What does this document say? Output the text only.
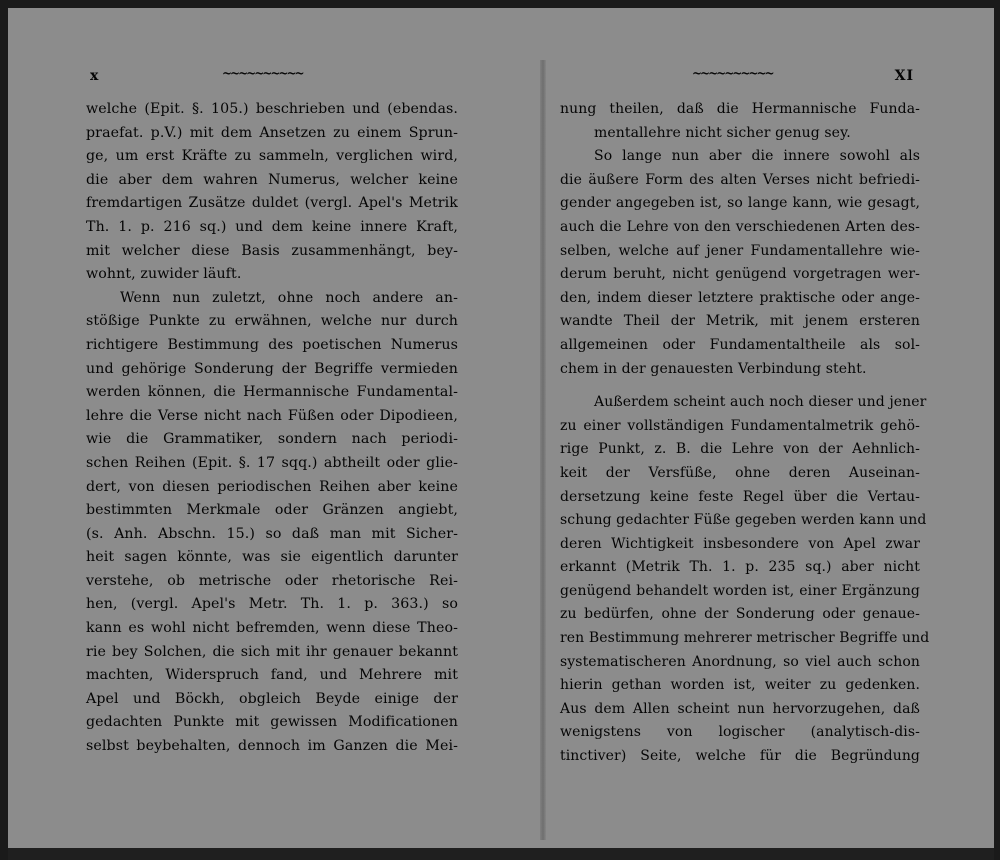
x	~~~~~~~~~~
welche (Epit. §. 105.) beschrieben und (ebendas.
praefat. p.V.) mit dem Ansetzen zu einem Sprun-
ge, um erst Kräfte zu sammeln, verglichen wird,
die aber dem wahren Numerus, welcher keine
fremdartigen Zusätze duldet (vergl. Apel's Metrik
Th. 1. p. 216 sq.) und dem keine innere Kraft,
mit welcher diese Basis zusammenhängt, bey-
wohnt, zuwider läuft.
Wenn nun zuletzt, ohne noch andere an-
stößige Punkte zu erwähnen, welche nur durch
richtigere Bestimmung des poetischen Numerus
und gehörige Sonderung der Begriffe vermieden
werden können, die Hermannische Fundamental-
lehre die Verse nicht nach Füßen oder Dipodieen,
wie die Grammatiker, sondern nach periodi-
schen Reihen (Epit. §. 17 sqq.) abtheilt oder glie-
dert, von diesen periodischen Reihen aber keine
bestimmten Merkmale oder Gränzen angiebt,
(s. Anh. Abschn. 15.) so daß man mit Sicher-
heit sagen könnte, was sie eigentlich darunter
verstehe, ob metrische oder rhetorische Rei-
hen, (vergl. Apel's Metr. Th. 1. p. 363.) so
kann es wohl nicht befremden, wenn diese Theo-
rie bey Solchen, die sich mit ihr genauer bekannt
machten, Widerspruch fand, und Mehrere mit
Apel und Böckh, obgleich Beyde einige der
gedachten Punkte mit gewissen Modificationen
selbst beybehalten, dennoch im Ganzen die Mei-
~~~~~~~~~~	XI
nung theilen, daß die Hermannische Funda-
mentallehre nicht sicher genug sey.
So lange nun aber die innere sowohl als
die äußere Form des alten Verses nicht befriedi-
gender angegeben ist, so lange kann, wie gesagt,
auch die Lehre von den verschiedenen Arten des-
selben, welche auf jener Fundamentallehre wie-
derum beruht, nicht genügend vorgetragen wer-
den, indem dieser letztere praktische oder ange-
wandte Theil der Metrik, mit jenem ersteren
allgemeinen oder Fundamentaltheile als sol-
chem in der genauesten Verbindung steht.
Außerdem scheint auch noch dieser und jener
zu einer vollständigen Fundamentalmetrik gehö-
rige Punkt, z. B. die Lehre von der Aehnlich-
keit der Versfüße, ohne deren Auseinan-
dersetzung keine feste Regel über die Vertau-
schung gedachter Füße gegeben werden kann und
deren Wichtigkeit insbesondere von Apel zwar
erkannt (Metrik Th. 1. p. 235 sq.) aber nicht
genügend behandelt worden ist, einer Ergänzung
zu bedürfen, ohne der Sonderung oder genaue-
ren Bestimmung mehrerer metrischer Begriffe und
systematischeren Anordnung, so viel auch schon
hierin gethan worden ist, weiter zu gedenken.
Aus dem Allen scheint nun hervorzugehen, daß
wenigstens von logischer (analytisch-dis-
tinctiver) Seite, welche für die Begründung
